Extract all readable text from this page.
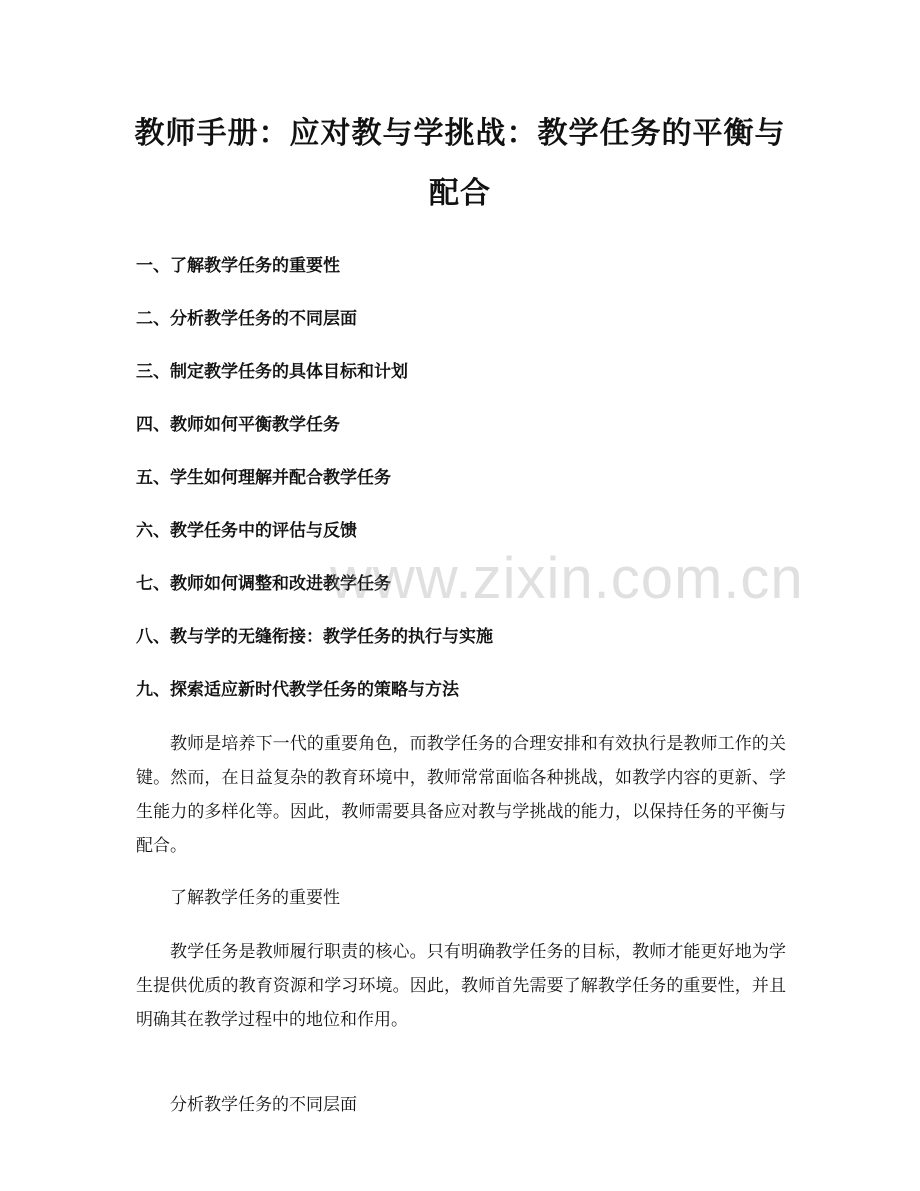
教师手册：应对教与学挑战：教学任务的平衡与配合
一、了解教学任务的重要性
二、分析教学任务的不同层面
三、制定教学任务的具体目标和计划
四、教师如何平衡教学任务
五、学生如何理解并配合教学任务
六、教学任务中的评估与反馈
七、教师如何调整和改进教学任务
八、教与学的无缝衔接：教学任务的执行与实施
九、探索适应新时代教学任务的策略与方法

教师是培养下一代的重要角色，而教学任务的合理安排和有效执行是教师工作的关键。然而，在日益复杂的教育环境中，教师常常面临各种挑战，如教学内容的更新、学生能力的多样化等。因此，教师需要具备应对教与学挑战的能力，以保持任务的平衡与配合。

了解教学任务的重要性

教学任务是教师履行职责的核心。只有明确教学任务的目标，教师才能更好地为学生提供优质的教育资源和学习环境。因此，教师首先需要了解教学任务的重要性，并且明确其在教学过程中的地位和作用。

分析教学任务的不同层面

www.zixin.com.cn
